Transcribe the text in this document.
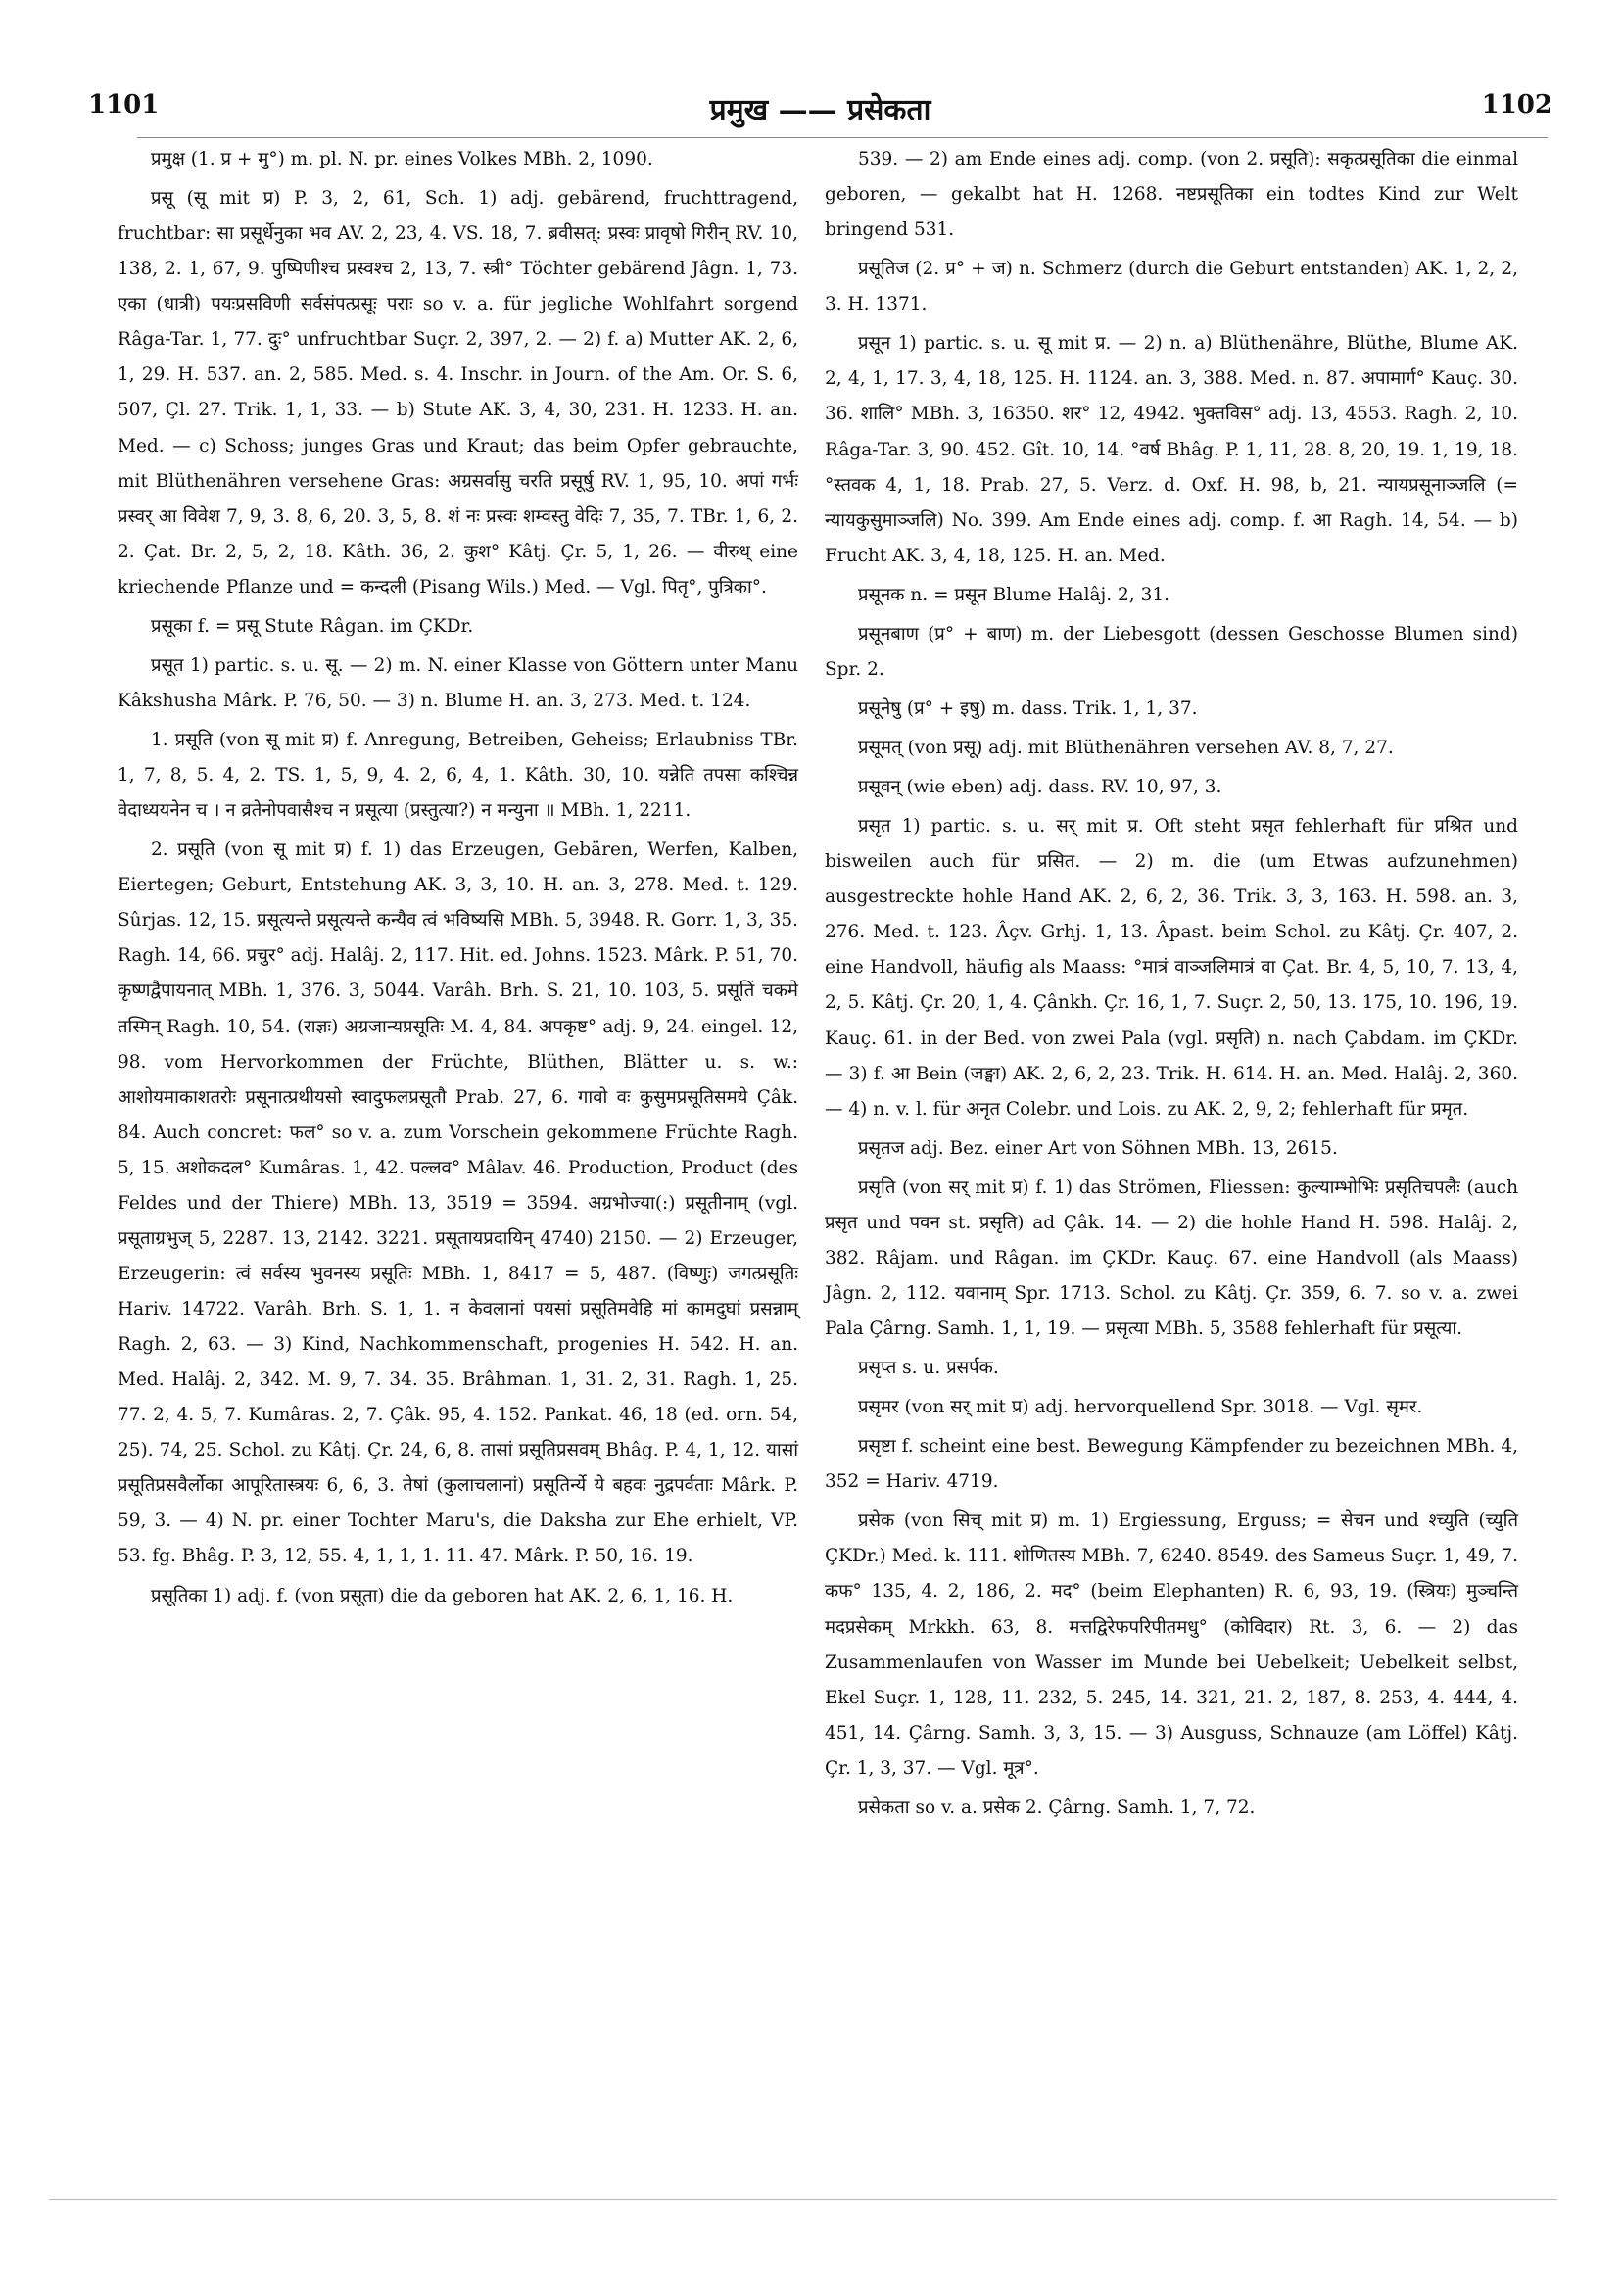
1101	प्रमुख —— प्रसेकता	1102

प्रमुक्ष (1. प्र + मु°) m. pl. N. pr. eines Volkes MBh. 2, 1090.

प्रसू (सू mit प्र) P. 3, 2, 61, Sch. 1) adj. gebärend, fruchttragend, fruchtbar: सा प्रसूर्धेनुका भव AV. 2, 23, 4. VS. 18, 7. ब्रवीसत्: प्रस्वः प्रावृषो गिरीन् RV. 10, 138, 2. 1, 67, 9. पुष्पिणीश्च प्रस्वश्च 2, 13, 7. स्त्री° Töchter gebärend Jâgn. 1, 73. एका (धात्री) पयःप्रसविणी सर्वसंपत्प्रसूः पराः so v. a. für jegliche Wohlfahrt sorgend Râga-Tar. 1, 77. दुः° unfruchtbar Suçr. 2, 397, 2. — 2) f. a) Mutter AK. 2, 6, 1, 29. H. 537. an. 2, 585. Med. s. 4. Inschr. in Journ. of the Am. Or. S. 6, 507, Çl. 27. Trik. 1, 1, 33. — b) Stute AK. 3, 4, 30, 231. H. 1233. H. an. Med. — c) Schoss; junges Gras und Kraut; das beim Opfer gebrauchte, mit Blüthenähren versehene Gras: अग्रसर्वासु चरति प्रसूर्षु RV. 1, 95, 10. अपां गर्भः प्रस्वर् आ विवेश 7, 9, 3. 8, 6, 20. 3, 5, 8. शं नः प्रस्वः शम्वस्तु वेदिः 7, 35, 7. TBr. 1, 6, 2. 2. Çat. Br. 2, 5, 2, 18. Kâth. 36, 2. कुश° Kâtj. Çr. 5, 1, 26. — वीरुध् eine kriechende Pflanze und = कन्दली (Pisang Wils.) Med. — Vgl. पितृ°, पुत्रिका°.

प्रसूका f. = प्रसू Stute Râgan. im ÇKDr.

प्रसूत 1) partic. s. u. सू. — 2) m. N. einer Klasse von Göttern unter Manu Kâkshusha Mârk. P. 76, 50. — 3) n. Blume H. an. 3, 273. Med. t. 124.

1. प्रसूति (von सू mit प्र) f. Anregung, Betreiben, Geheiss; Erlaubniss TBr. 1, 7, 8, 5. 4, 2. TS. 1, 5, 9, 4. 2, 6, 4, 1. Kâth. 30, 10. यन्नेति तपसा कश्चिन्न वेदाध्ययनेन च । न व्रतेनोपवासैश्च न प्रसूत्या (प्रस्तुत्या?) न मन्युना ॥ MBh. 1, 2211.

2. प्रसूति (von सू mit प्र) f. 1) das Erzeugen, Gebären, Werfen, Kalben, Eiertegen; Geburt, Entstehung AK. 3, 3, 10. H. an. 3, 278. Med. t. 129. Sûrjas. 12, 15. प्रसूत्यन्ते प्रसूत्यन्ते कन्यैव त्वं भविष्यसि MBh. 5, 3948. R. Gorr. 1, 3, 35. Ragh. 14, 66. प्रचुर° adj. Halâj. 2, 117. Hit. ed. Johns. 1523. Mârk. P. 51, 70. कृष्णद्वैपायनात् MBh. 1, 376. 3, 5044. Varâh. Brh. S. 21, 10. 103, 5. प्रसूतिं चकमे तस्मिन् Ragh. 10, 54. (राज्ञः) अग्रजान्यप्रसूतिः M. 4, 84. अपकृष्ट° adj. 9, 24. eingel. 12, 98. vom Hervorkommen der Früchte, Blüthen, Blätter u. s. w.: आशोयमाकाशतरोः प्रसूनात्प्रथीयसो स्वादुफलप्रसूतौ Prab. 27, 6. गावो वः कुसुमप्रसूतिसमये Çâk. 84. Auch concret: फल° so v. a. zum Vorschein gekommene Früchte Ragh. 5, 15. अशोकदल° Kumâras. 1, 42. पल्लव° Mâlav. 46. Production, Product (des Feldes und der Thiere) MBh. 13, 3519 = 3594. अग्रभोज्या(:) प्रसूतीनाम् (vgl. प्रसूताग्रभुज् 5, 2287. 13, 2142. 3221. प्रसूतायप्रदायिन् 4740) 2150. — 2) Erzeuger, Erzeugerin: त्वं सर्वस्य भुवनस्य प्रसूतिः MBh. 1, 8417 = 5, 487. (विष्णुः) जगत्प्रसूतिः Hariv. 14722. Varâh. Brh. S. 1, 1. न केवलानां पयसां प्रसूतिमवेहि मां कामदुघां प्रसन्नाम् Ragh. 2, 63. — 3) Kind, Nachkommenschaft, progenies H. 542. H. an. Med. Halâj. 2, 342. M. 9, 7. 34. 35. Brâhman. 1, 31. 2, 31. Ragh. 1, 25. 77. 2, 4. 5, 7. Kumâras. 2, 7. Çâk. 95, 4. 152. Pankat. 46, 18 (ed. orn. 54, 25). 74, 25. Schol. zu Kâtj. Çr. 24, 6, 8. तासां प्रसूतिप्रसवम् Bhâg. P. 4, 1, 12. यासां प्रसूतिप्रसवैर्लोका आपूरितास्त्रयः 6, 6, 3. तेषां (कुलाचलानां) प्रसूतिर्न्ये ये बहवः नुद्रपर्वताः Mârk. P. 59, 3. — 4) N. pr. einer Tochter Maru's, die Daksha zur Ehe erhielt, VP. 53. fg. Bhâg. P. 3, 12, 55. 4, 1, 1, 1. 11. 47. Mârk. P. 50, 16. 19.

प्रसूतिका 1) adj. f. (von प्रसूता) die da geboren hat AK. 2, 6, 1, 16. H.

539. — 2) am Ende eines adj. comp. (von 2. प्रसूति): सकृत्प्रसूतिका die einmal geboren, — gekalbt hat H. 1268. नष्टप्रसूतिका ein todtes Kind zur Welt bringend 531.

प्रसूतिज (2. प्र° + ज) n. Schmerz (durch die Geburt entstanden) AK. 1, 2, 2, 3. H. 1371.

प्रसून 1) partic. s. u. सू mit प्र. — 2) n. a) Blüthenähre, Blüthe, Blume AK. 2, 4, 1, 17. 3, 4, 18, 125. H. 1124. an. 3, 388. Med. n. 87. अपामार्ग° Kauç. 30. 36. शालि° MBh. 3, 16350. शर° 12, 4942. भुक्तविस° adj. 13, 4553. Ragh. 2, 10. Râga-Tar. 3, 90. 452. Gît. 10, 14. °वर्ष Bhâg. P. 1, 11, 28. 8, 20, 19. 1, 19, 18. °स्तवक 4, 1, 18. Prab. 27, 5. Verz. d. Oxf. H. 98, b, 21. न्यायप्रसूनाञ्जलि (= न्यायकुसुमाञ्जलि) No. 399. Am Ende eines adj. comp. f. आ Ragh. 14, 54. — b) Frucht AK. 3, 4, 18, 125. H. an. Med.

प्रसूनक n. = प्रसून Blume Halâj. 2, 31.

प्रसूनबाण (प्र° + बाण) m. der Liebesgott (dessen Geschosse Blumen sind) Spr. 2.

प्रसूनेषु (प्र° + इषु) m. dass. Trik. 1, 1, 37.

प्रसूमत् (von प्रसू) adj. mit Blüthenähren versehen AV. 8, 7, 27.

प्रसूवन् (wie eben) adj. dass. RV. 10, 97, 3.

प्रसृत 1) partic. s. u. सर् mit प्र. Oft steht प्रसृत fehlerhaft für प्रश्रित und bisweilen auch für प्रसित. — 2) m. die (um Etwas aufzunehmen) ausgestreckte hohle Hand AK. 2, 6, 2, 36. Trik. 3, 3, 163. H. 598. an. 3, 276. Med. t. 123. Âçv. Grhj. 1, 13. Âpast. beim Schol. zu Kâtj. Çr. 407, 2. eine Handvoll, häufig als Maass: °मात्रं वाञ्जलिमात्रं वा Çat. Br. 4, 5, 10, 7. 13, 4, 2, 5. Kâtj. Çr. 20, 1, 4. Çânkh. Çr. 16, 1, 7. Suçr. 2, 50, 13. 175, 10. 196, 19. Kauç. 61. in der Bed. von zwei Pala (vgl. प्रसृति) n. nach Çabdam. im ÇKDr. — 3) f. आ Bein (जङ्घा) AK. 2, 6, 2, 23. Trik. H. 614. H. an. Med. Halâj. 2, 360. — 4) n. v. l. für अनृत Colebr. und Lois. zu AK. 2, 9, 2; fehlerhaft für प्रमृत.

प्रसृतज adj. Bez. einer Art von Söhnen MBh. 13, 2615.

प्रसृति (von सर् mit प्र) f. 1) das Strömen, Fliessen: कुल्याम्भोभिः प्रसृतिचपलैः (auch प्रसृत und पवन st. प्रसृति) ad Çâk. 14. — 2) die hohle Hand H. 598. Halâj. 2, 382. Râjam. und Râgan. im ÇKDr. Kauç. 67. eine Handvoll (als Maass) Jâgn. 2, 112. यवानाम् Spr. 1713. Schol. zu Kâtj. Çr. 359, 6. 7. so v. a. zwei Pala Çârng. Samh. 1, 1, 19. — प्रसृत्या MBh. 5, 3588 fehlerhaft für प्रसूत्या.

प्रसृप्त s. u. प्रसर्पक.

प्रसृमर (von सर् mit प्र) adj. hervorquellend Spr. 3018. — Vgl. सृमर.

प्रसृष्टा f. scheint eine best. Bewegung Kämpfender zu bezeichnen MBh. 4, 352 = Hariv. 4719.

प्रसेक (von सिच् mit प्र) m. 1) Ergiessung, Erguss; = सेचन und श्च्युति (च्युति ÇKDr.) Med. k. 111. शोणितस्य MBh. 7, 6240. 8549. des Sameus Suçr. 1, 49, 7. कफ° 135, 4. 2, 186, 2. मद° (beim Elephanten) R. 6, 93, 19. (स्त्रियः) मुञ्चन्ति मदप्रसेकम् Mrkkh. 63, 8. मत्तद्विरेफपरिपीतमधु° (कोविदार) Rt. 3, 6. — 2) das Zusammenlaufen von Wasser im Munde bei Uebelkeit; Uebelkeit selbst, Ekel Suçr. 1, 128, 11. 232, 5. 245, 14. 321, 21. 2, 187, 8. 253, 4. 444, 4. 451, 14. Çârng. Samh. 3, 3, 15. — 3) Ausguss, Schnauze (am Löffel) Kâtj. Çr. 1, 3, 37. — Vgl. मूत्र°.

प्रसेकता so v. a. प्रसेक 2. Çârng. Samh. 1, 7, 72.
